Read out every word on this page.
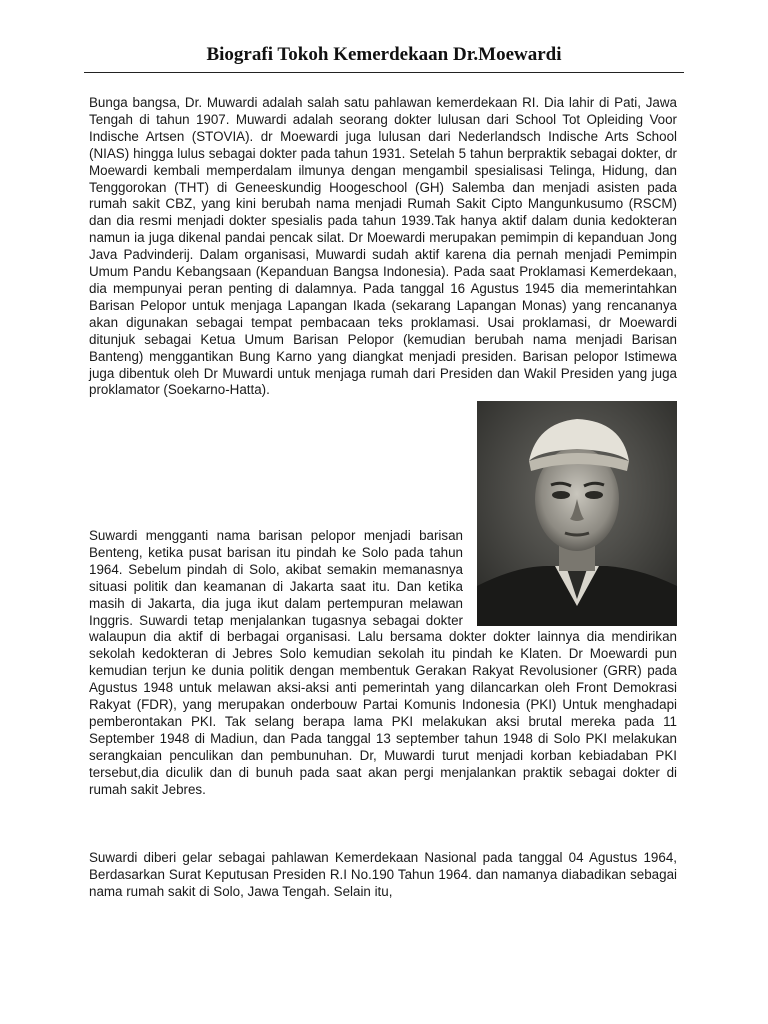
Biografi Tokoh Kemerdekaan Dr.Moewardi

Bunga bangsa, Dr. Muwardi adalah salah satu pahlawan kemerdekaan RI. Dia lahir di Pati, Jawa Tengah di tahun 1907. Muwardi adalah seorang dokter lulusan dari School Tot Opleiding Voor Indische Artsen (STOVIA). dr Moewardi juga lulusan dari Nederlandsch Indische Arts School (NIAS) hingga lulus sebagai dokter pada tahun 1931. Setelah 5 tahun berpraktik sebagai dokter, dr Moewardi kembali memperdalam ilmunya dengan mengambil spesialisasi Telinga, Hidung, dan Tenggorokan (THT) di Geneeskundig Hoogeschool (GH) Salemba dan menjadi asisten pada rumah sakit CBZ, yang kini berubah nama menjadi Rumah Sakit Cipto Mangunkusumo (RSCM) dan dia resmi menjadi dokter spesialis pada tahun 1939.Tak hanya aktif dalam dunia kedokteran namun ia juga dikenal pandai pencak silat. Dr Moewardi merupakan pemimpin di kepanduan Jong Java Padvinderij. Dalam organisasi, Muwardi sudah aktif karena dia pernah menjadi Pemimpin Umum Pandu Kebangsaan (Kepanduan Bangsa Indonesia). Pada saat Proklamasi Kemerdekaan, dia mempunyai peran penting di dalamnya. Pada tanggal 16 Agustus 1945 dia memerintahkan Barisan Pelopor untuk menjaga Lapangan Ikada (sekarang Lapangan Monas) yang rencananya akan digunakan sebagai tempat pembacaan teks proklamasi. Usai proklamasi, dr Moewardi ditunjuk sebagai Ketua Umum Barisan Pelopor (kemudian berubah nama menjadi Barisan Banteng) menggantikan Bung Karno yang diangkat menjadi presiden. Barisan pelopor Istimewa juga dibentuk oleh Dr Muwardi untuk menjaga rumah dari Presiden dan Wakil Presiden yang juga proklamator (Soekarno-Hatta).

Suwardi mengganti nama barisan pelopor menjadi barisan Benteng, ketika pusat barisan itu pindah ke Solo pada tahun 1964. Sebelum pindah di Solo, akibat semakin memanasnya situasi politik dan keamanan di Jakarta saat itu. Dan ketika masih di Jakarta, dia juga ikut dalam pertempuran melawan Inggris. Suwardi tetap menjalankan tugasnya sebagai dokter walaupun dia aktif di berbagai organisasi. Lalu bersama dokter dokter lainnya dia mendirikan sekolah kedokteran di Jebres Solo kemudian sekolah itu pindah ke Klaten. Dr Moewardi pun kemudian terjun ke dunia politik dengan membentuk Gerakan Rakyat Revolusioner (GRR) pada Agustus 1948 untuk melawan aksi-aksi anti pemerintah yang dilancarkan oleh Front Demokrasi Rakyat (FDR), yang merupakan onderbouw Partai Komunis Indonesia (PKI) Untuk menghadapi pemberontakan PKI. Tak selang berapa lama PKI melakukan aksi brutal mereka pada 11 September 1948 di Madiun, dan Pada tanggal 13 september tahun 1948 di Solo PKI melakukan serangkaian penculikan dan pembunuhan. Dr, Muwardi turut menjadi korban kebiadaban PKI tersebut,dia diculik dan di bunuh pada saat akan pergi menjalankan praktik sebagai dokter di rumah sakit Jebres.

Suwardi diberi gelar sebagai pahlawan Kemerdekaan Nasional pada tanggal 04 Agustus 1964, Berdasarkan Surat Keputusan Presiden R.I No.190 Tahun 1964. dan namanya diabadikan sebagai nama rumah sakit di Solo, Jawa Tengah. Selain itu,
